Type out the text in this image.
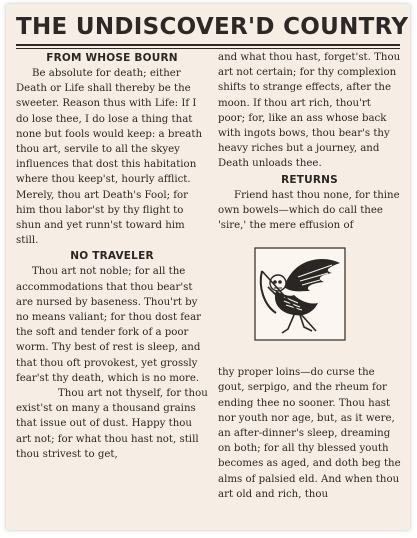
THE UNDISCOVER'D COUNTRY
FROM WHOSE BOURN

Be absolute for death; either Death or Life shall thereby be the sweeter. Reason thus with Life: If I do lose thee, I do lose a thing that none but fools would keep: a breath thou art, servile to all the skyey influences that dost this habitation where thou keep'st, hourly afflict. Merely, thou art Death's Fool; for him thou labor'st by thy flight to shun and yet runn'st toward him still.

NO TRAVELER

Thou art not noble; for all the accommodations that thou bear'st are nursed by baseness. Thou'rt by no means valiant; for thou dost fear the soft and tender fork of a poor worm. Thy best of rest is sleep, and that thou oft provokest, yet grossly fear'st thy death, which is no more.

Thou art not thyself, for thou exist'st on many a thousand grains that issue out of dust. Happy thou art not; for what thou hast not, still thou strivest to get,

and what thou hast, forget'st. Thou art not certain; for thy complexion shifts to strange effects, after the moon. If thou art rich, thou'rt poor; for, like an ass whose back with ingots bows, thou bear's thy heavy riches but a journey, and Death unloads thee.

RETURNS

Friend hast thou none, for thine own bowels—which do call thee 'sire,' the mere effusion of

thy proper loins—do curse the gout, serpigo, and the rheum for ending thee no sooner. Thou hast nor youth nor age, but, as it were, an after-dinner's sleep, dreaming on both; for all thy blessed youth becomes as aged, and doth beg the alms of palsied eld. And when thou art old and rich, thou
